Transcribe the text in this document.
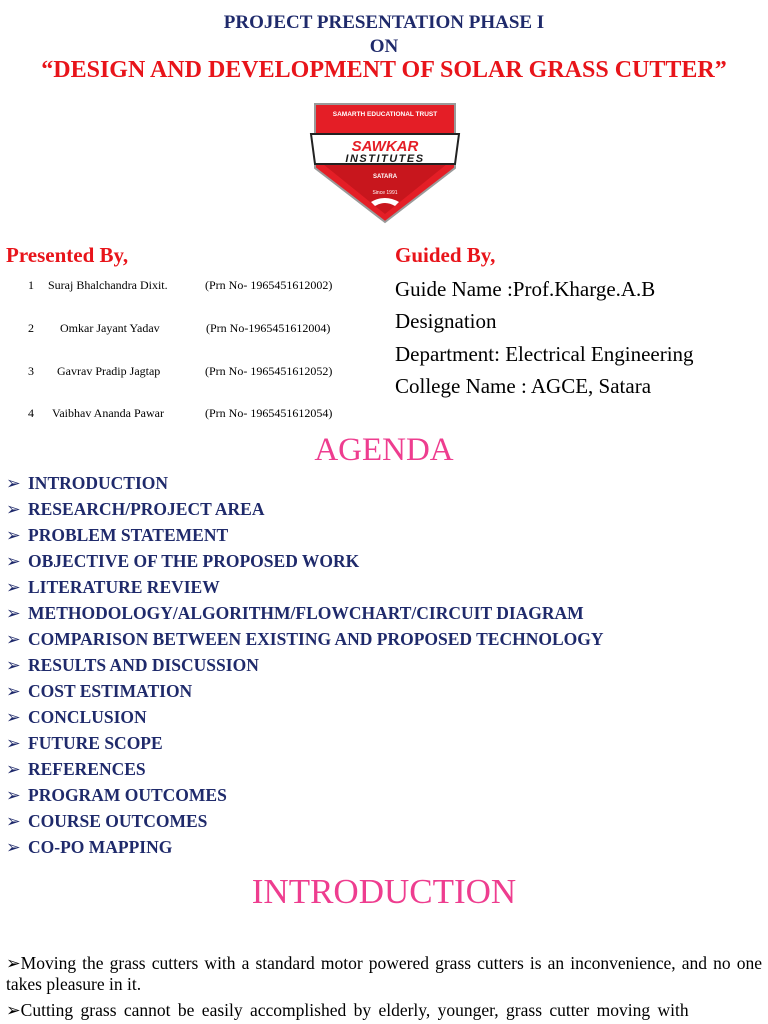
PROJECT PRESENTATION PHASE I
ON
“DESIGN AND DEVELOPMENT OF SOLAR GRASS CUTTER”
SAMARTH EDUCATIONAL TRUST
SAWKAR
INSTITUTES
SATARA
Since 1991
Presented By,
1 Suraj Bhalchandra Dixit.	(Prn No- 1965451612002)
2 Omkar Jayant Yadav	(Prn No-1965451612004)
3 Gavrav Pradip Jagtap	(Prn No- 1965451612052)
4 Vaibhav Ananda Pawar	(Prn No- 1965451612054)
Guided By,
Guide Name :Prof.Kharge.A.B
Designation
Department: Electrical Engineering
College Name : AGCE, Satara
AGENDA
➢ INTRODUCTION
➢ RESEARCH/PROJECT AREA
➢ PROBLEM STATEMENT
➢ OBJECTIVE OF THE PROPOSED WORK
➢ LITERATURE REVIEW
➢ METHODOLOGY/ALGORITHM/FLOWCHART/CIRCUIT DIAGRAM
➢ COMPARISON BETWEEN EXISTING AND PROPOSED TECHNOLOGY
➢ RESULTS AND DISCUSSION
➢ COST ESTIMATION
➢ CONCLUSION
➢ FUTURE SCOPE
➢ REFERENCES
➢ PROGRAM OUTCOMES
➢ COURSE OUTCOMES
➢ CO-PO MAPPING
INTRODUCTION
➢Moving the grass cutters with a standard motor powered grass cutters is an inconvenience, and no one takes pleasure in it.
➢Cutting grass cannot be easily accomplished by elderly, younger, grass cutter moving with
